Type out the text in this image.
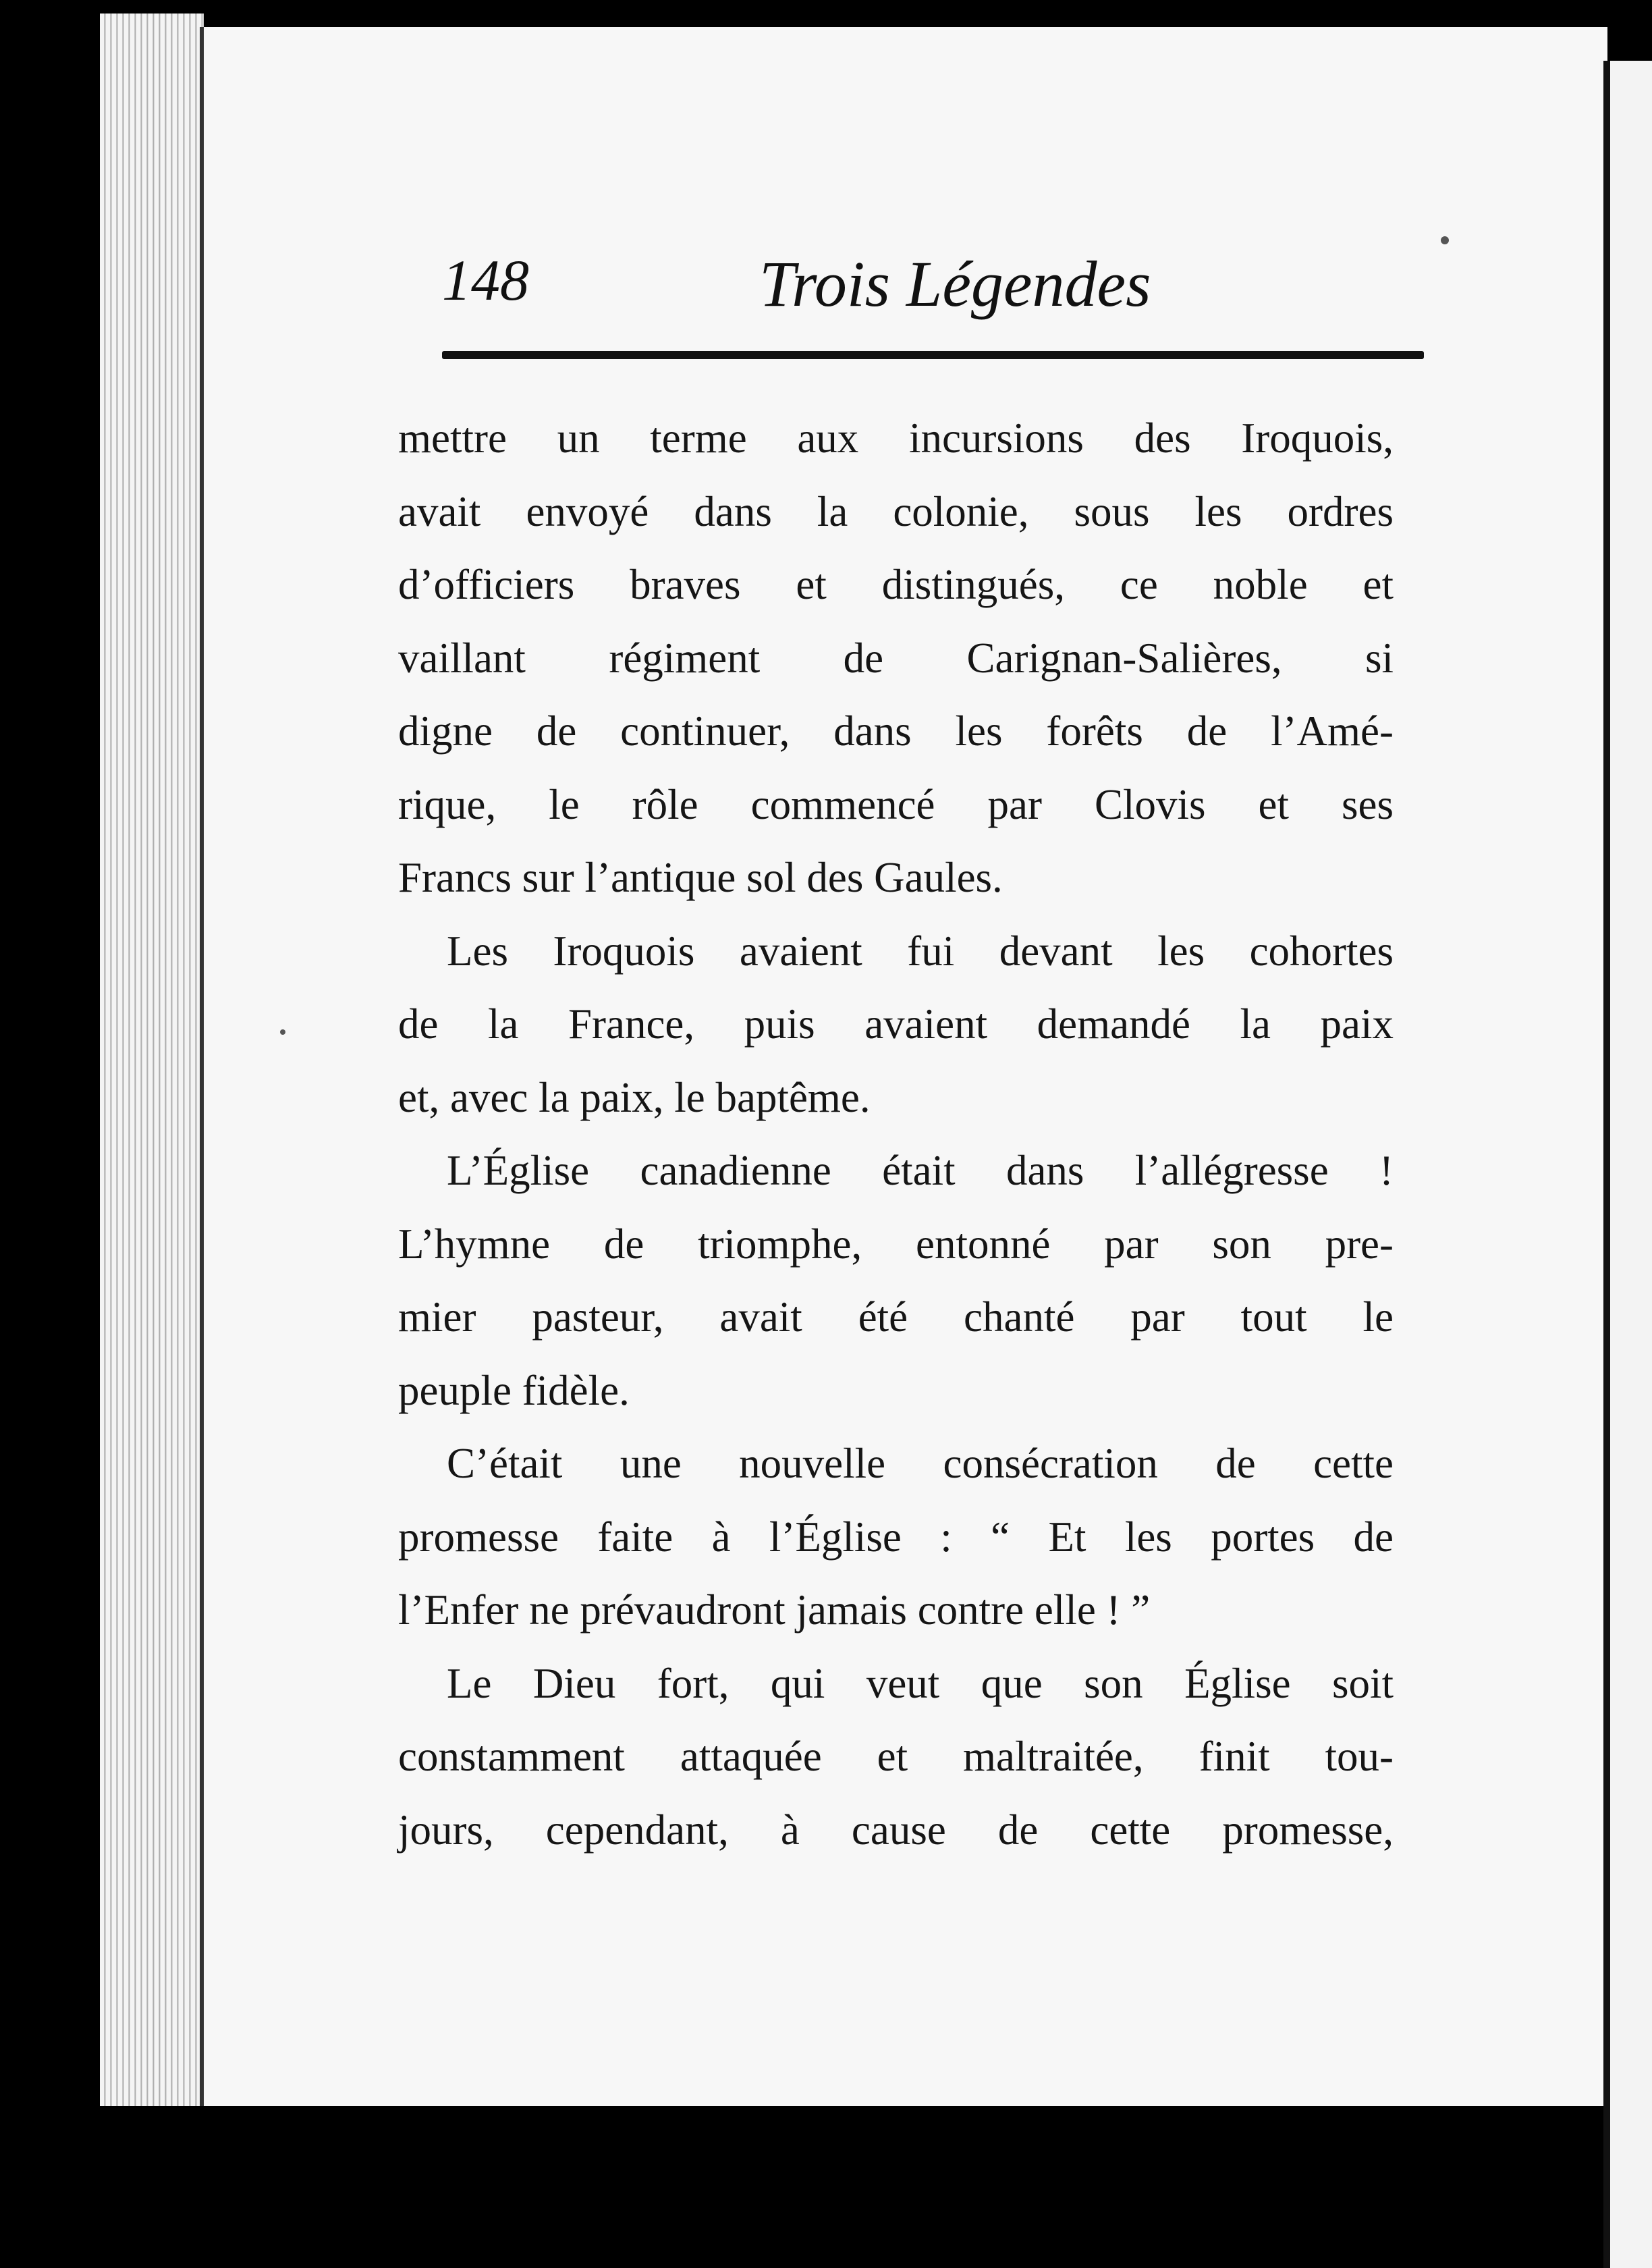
148	Trois Légendes
mettre un terme aux incursions des Iroquois,
avait envoyé dans la colonie, sous les ordres
d’officiers braves et distingués, ce noble et
vaillant régiment de Carignan-Salières, si
digne de continuer, dans les forêts de l’Amé-
rique, le rôle commencé par Clovis et ses
Francs sur l’antique sol des Gaules.
Les Iroquois avaient fui devant les cohortes
de la France, puis avaient demandé la paix
et, avec la paix, le baptême.
L’Église canadienne était dans l’allégresse !
L’hymne de triomphe, entonné par son pre-
mier pasteur, avait été chanté par tout le
peuple fidèle.
C’était une nouvelle consécration de cette
promesse faite à l’Église : “ Et les portes de
l’Enfer ne prévaudront jamais contre elle ! ”
Le Dieu fort, qui veut que son Église soit
constamment attaquée et maltraitée, finit tou-
jours, cependant, à cause de cette promesse,
